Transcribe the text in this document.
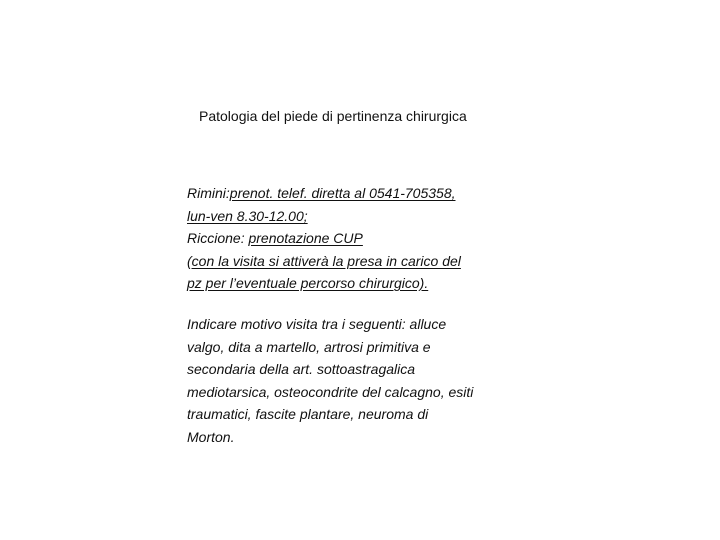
Patologia del piede di pertinenza chirurgica
Rimini:prenot. telef. diretta al 0541-705358,
lun-ven 8.30-12.00;
Riccione: prenotazione CUP
(con la visita si attiverà la presa in carico del
pz per l’eventuale percorso chirurgico).
Indicare motivo visita tra i seguenti: alluce
valgo, dita a martello, artrosi primitiva e
secondaria della art. sottoastragalica
mediotarsica, osteocondrite del calcagno, esiti
traumatici, fascite plantare, neuroma di
Morton.
